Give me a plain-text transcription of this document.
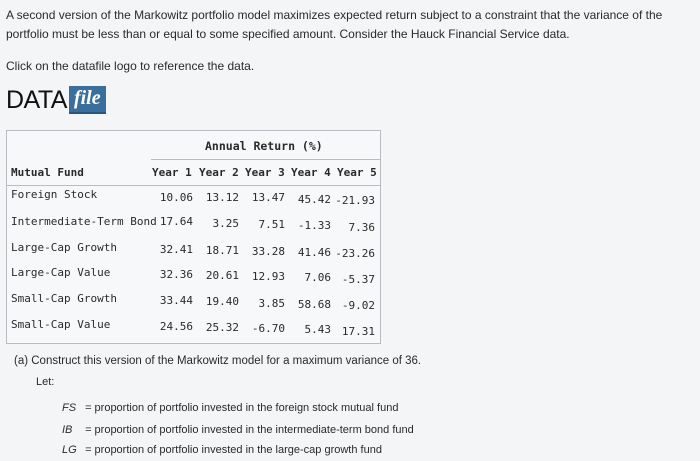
A second version of the Markowitz portfolio model maximizes expected return subject to a constraint that the variance of the portfolio must be less than or equal to some specified amount. Consider the Hauck Financial Service data.
Click on the datafile logo to reference the data.
DATA file
Annual Return (%)
Mutual Fund	Year 1 Year 2 Year 3 Year 4 Year 5
Foreign Stock	10.06	13.12	13.47	45.42 -21.93
Intermediate-Term Bond 17.64	3.25	7.51	-1.33	7.36
Large-Cap Growth	32.41	18.71	33.28	41.46 -23.26
Large-Cap Value	32.36	20.61	12.93	7.06 -5.37
Small-Cap Growth	33.44	19.40	3.85	58.68 -9.02
Small-Cap Value	24.56	25.32	-6.70	5.43 17.31
(a) Construct this version of the Markowitz model for a maximum variance of 36.
Let:
FS = proportion of portfolio invested in the foreign stock mutual fund
IB = proportion of portfolio invested in the intermediate-term bond fund
LG = proportion of portfolio invested in the large-cap growth fund
